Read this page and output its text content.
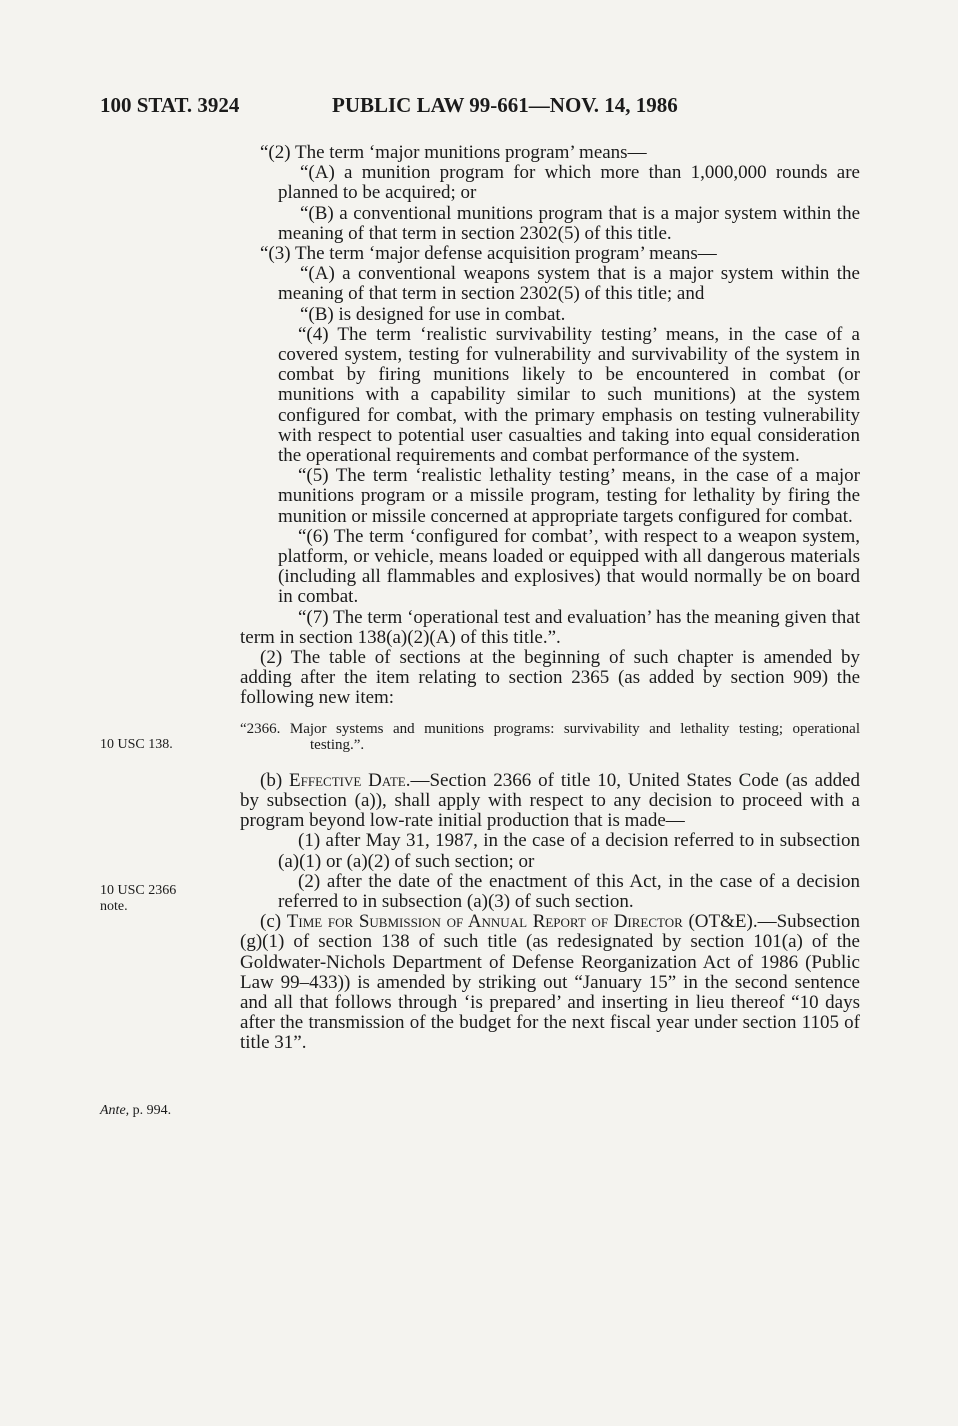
100 STAT. 3924	PUBLIC LAW 99-661—NOV. 14, 1986

“(2) The term ‘major munitions program’ means—

“(A) a munition program for which more than 1,000,000 rounds are planned to be acquired; or

“(B) a conventional munitions program that is a major system within the meaning of that term in section 2302(5) of this title.

“(3) The term ‘major defense acquisition program’ means—

“(A) a conventional weapons system that is a major system within the meaning of that term in section 2302(5) of this title; and

“(B) is designed for use in combat.

“(4) The term ‘realistic survivability testing’ means, in the case of a covered system, testing for vulnerability and survivability of the system in combat by firing munitions likely to be encountered in combat (or munitions with a capability similar to such munitions) at the system configured for combat, with the primary emphasis on testing vulnerability with respect to potential user casualties and taking into equal consideration the operational requirements and combat performance of the system.

“(5) The term ‘realistic lethality testing’ means, in the case of a major munitions program or a missile program, testing for lethality by firing the munition or missile concerned at appropriate targets configured for combat.

“(6) The term ‘configured for combat’, with respect to a weapon system, platform, or vehicle, means loaded or equipped with all dangerous materials (including all flammables and explosives) that would normally be on board in combat.

“(7) The term ‘operational test and evaluation’ has the meaning given that term in section 138(a)(2)(A) of this title.”.

(2) The table of sections at the beginning of such chapter is amended by adding after the item relating to section 2365 (as added by section 909) the following new item:

“2366. Major systems and munitions programs: survivability and lethality testing; operational testing.”.

(b) Effective Date.—Section 2366 of title 10, United States Code (as added by subsection (a)), shall apply with respect to any decision to proceed with a program beyond low-rate initial production that is made—

(1) after May 31, 1987, in the case of a decision referred to in subsection (a)(1) or (a)(2) of such section; or

(2) after the date of the enactment of this Act, in the case of a decision referred to in subsection (a)(3) of such section.

(c) Time for Submission of Annual Report of Director (OT&E).—Subsection (g)(1) of section 138 of such title (as redesignated by section 101(a) of the Goldwater-Nichols Department of Defense Reorganization Act of 1986 (Public Law 99–433)) is amended by striking out “January 15” in the second sentence and all that follows through ‘is prepared’ and inserting in lieu thereof “10 days after the transmission of the budget for the next fiscal year under section 1105 of title 31”.

10 USC 138.
10 USC 2366
note.
Ante, p. 994.
